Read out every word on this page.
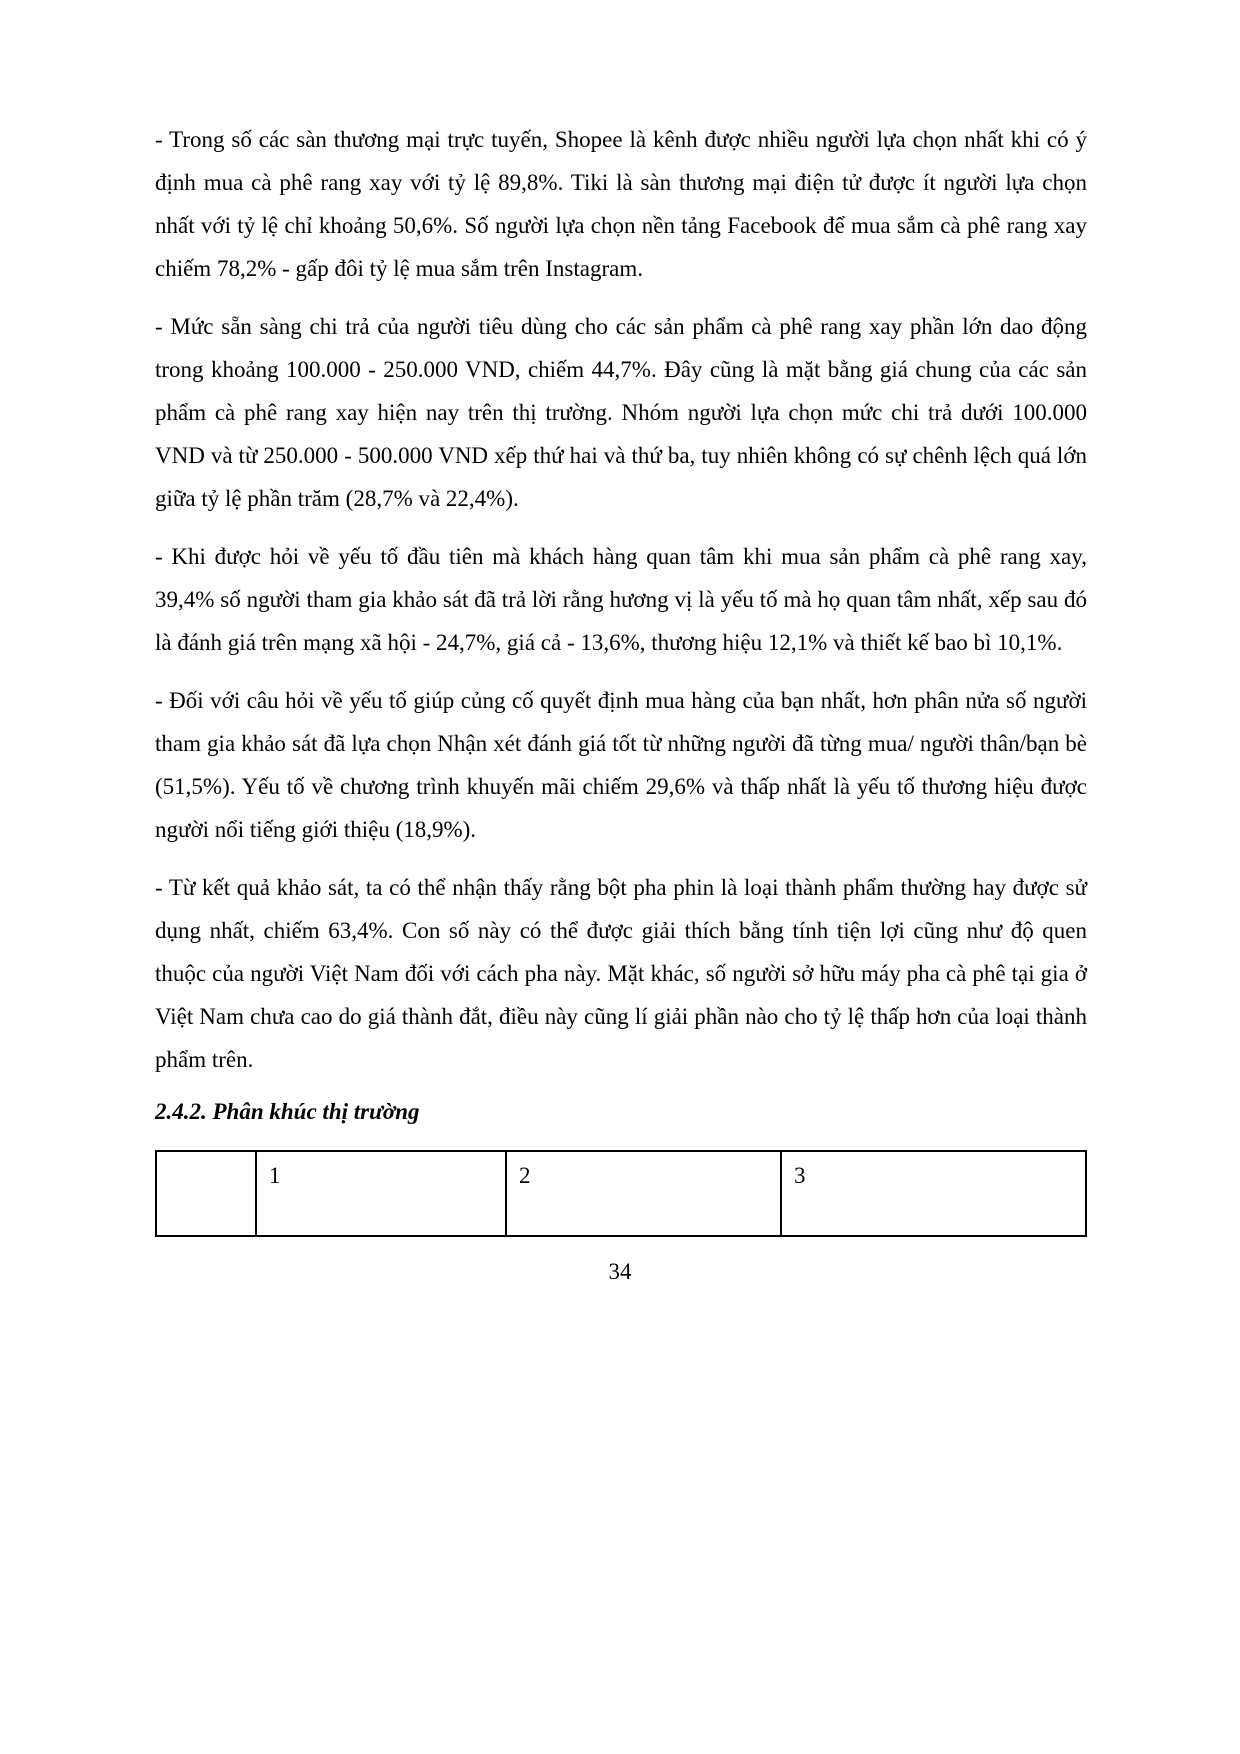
- Trong số các sàn thương mại trực tuyến, Shopee là kênh được nhiều người lựa chọn nhất khi có ý định mua cà phê rang xay với tỷ lệ 89,8%. Tiki là sàn thương mại điện tử được ít người lựa chọn nhất với tỷ lệ chỉ khoảng 50,6%. Số người lựa chọn nền tảng Facebook để mua sắm cà phê rang xay chiếm 78,2% - gấp đôi tỷ lệ mua sắm trên Instagram.

- Mức sẵn sàng chi trả của người tiêu dùng cho các sản phẩm cà phê rang xay phần lớn dao động trong khoảng 100.000 - 250.000 VND, chiếm 44,7%. Đây cũng là mặt bằng giá chung của các sản phẩm cà phê rang xay hiện nay trên thị trường. Nhóm người lựa chọn mức chi trả dưới 100.000 VND và từ 250.000 - 500.000 VND xếp thứ hai và thứ ba, tuy nhiên không có sự chênh lệch quá lớn giữa tỷ lệ phần trăm (28,7% và 22,4%).

- Khi được hỏi về yếu tố đầu tiên mà khách hàng quan tâm khi mua sản phẩm cà phê rang xay, 39,4% số người tham gia khảo sát đã trả lời rằng hương vị là yếu tố mà họ quan tâm nhất, xếp sau đó là đánh giá trên mạng xã hội - 24,7%, giá cả - 13,6%, thương hiệu 12,1% và thiết kế bao bì 10,1%.

- Đối với câu hỏi về yếu tố giúp củng cố quyết định mua hàng của bạn nhất, hơn phân nửa số người tham gia khảo sát đã lựa chọn Nhận xét đánh giá tốt từ những người đã từng mua/ người thân/bạn bè (51,5%). Yếu tố về chương trình khuyến mãi chiếm 29,6% và thấp nhất là yếu tố thương hiệu được người nổi tiếng giới thiệu (18,9%).

- Từ kết quả khảo sát, ta có thể nhận thấy rằng bột pha phin là loại thành phẩm thường hay được sử dụng nhất, chiếm 63,4%. Con số này có thể được giải thích bằng tính tiện lợi cũng như độ quen thuộc của người Việt Nam đối với cách pha này. Mặt khác, số người sở hữu máy pha cà phê tại gia ở Việt Nam chưa cao do giá thành đắt, điều này cũng lí giải phần nào cho tỷ lệ thấp hơn của loại thành phẩm trên.

2.4.2. Phân khúc thị trường
	1	2	3
34
